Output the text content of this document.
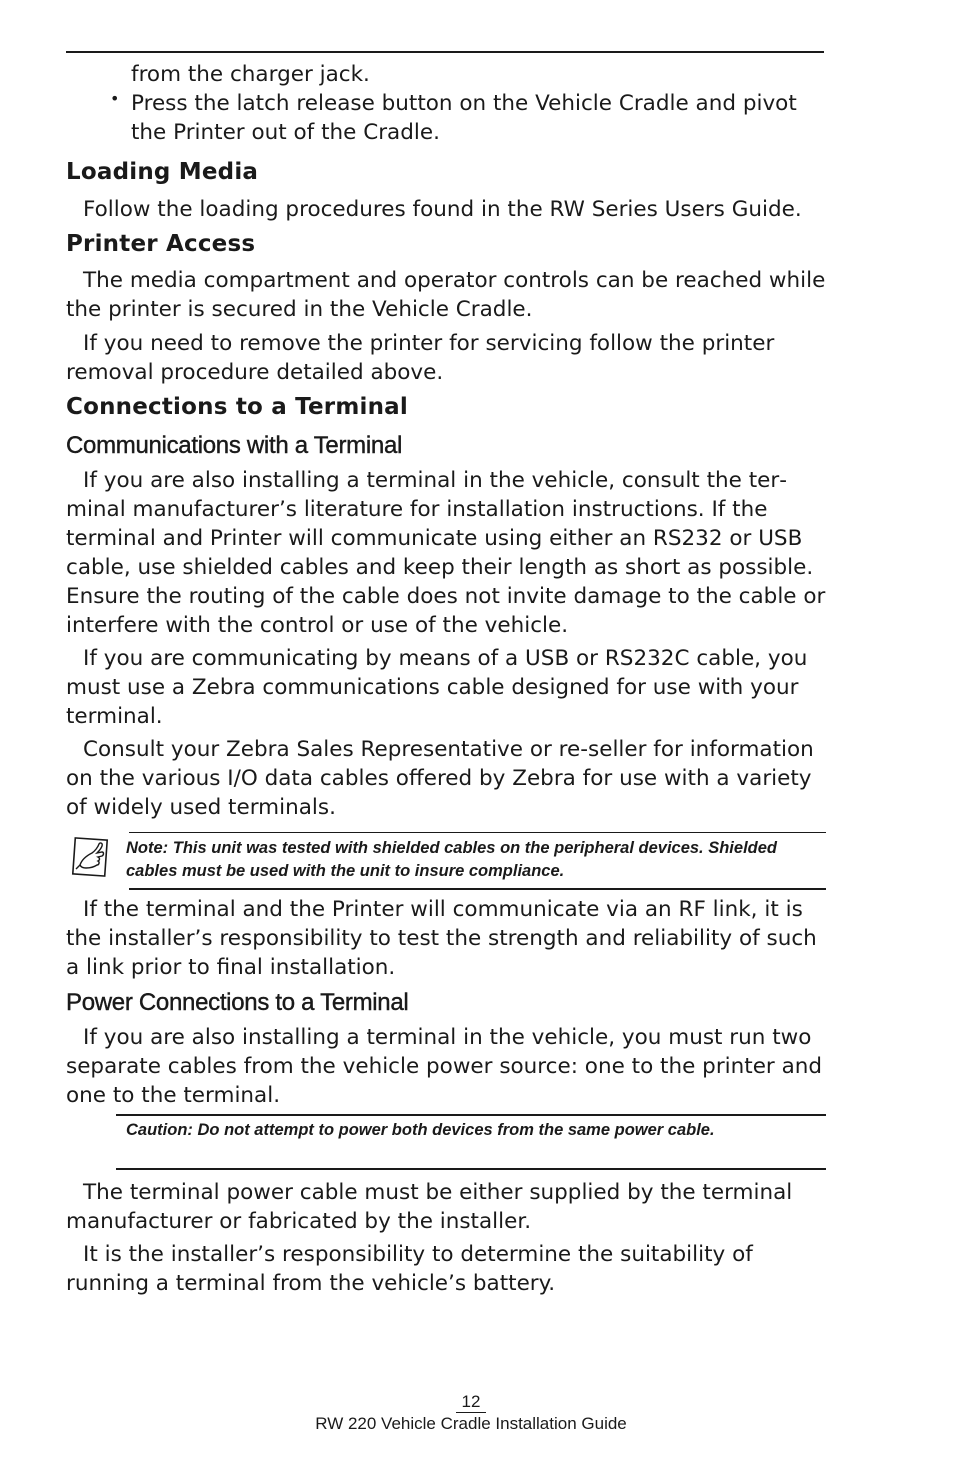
from the charger jack.

• Press the latch release button on the Vehicle Cradle and pivot the Printer out of the Cradle.

Loading Media

Follow the loading procedures found in the RW Series Users Guide.

Printer Access

The media compartment and operator controls can be reached while the printer is secured in the Vehicle Cradle.

If you need to remove the printer for servicing follow the printer removal procedure detailed above.

Connections to a Terminal
Communications with a Terminal

If you are also installing a terminal in the vehicle, consult the terminal manufacturer’s literature for installation instructions. If the terminal and Printer will communicate using either an RS232 or USB cable, use shielded cables and keep their length as short as possible. Ensure the routing of the cable does not invite damage to the cable or interfere with the control or use of the vehicle.

If you are communicating by means of a USB or RS232C cable, you must use a Zebra communications cable designed for use with your terminal.

Consult your Zebra Sales Representative or re-seller for information on the various I/O data cables offered by Zebra for use with a variety of widely used terminals.

Note: This unit was tested with shielded cables on the peripheral devices. Shielded cables must be used with the unit to insure compliance.

If the terminal and the Printer will communicate via an RF link, it is the installer’s responsibility to test the strength and reliability of such a link prior to final installation.

Power Connections to a Terminal

If you are also installing a terminal in the vehicle, you must run two separate cables from the vehicle power source: one to the printer and one to the terminal.

Caution: Do not attempt to power both devices from the same power cable.

The terminal power cable must be either supplied by the terminal manufacturer or fabricated by the installer.

It is the installer’s responsibility to determine the suitability of running a terminal from the vehicle’s battery.

12
RW 220 Vehicle Cradle Installation Guide
